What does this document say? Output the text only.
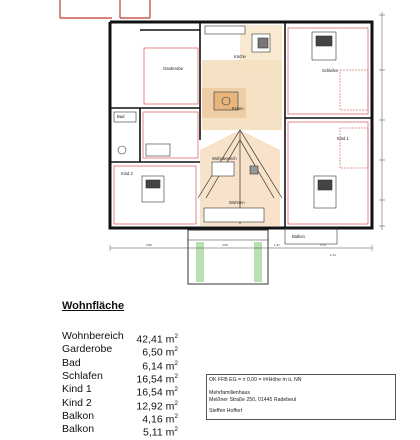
Küche
Garderobe
Bad
Essen
Schlafen
Kind 1
Kind 2
Wohnbereich
Wohnen
Balkon
3.86	1.47	3.72
4.50
2.72
Wohnfläche
Wohnbereich 42,41 $m^2$
Garderobe	6,50 $m^2$
Bad	6,14 $m^2$
Schlafen	16,54 $m^2$
Kind 1	16,54 $m^2$
Kind 2	12,92 $m^2$
Balkon	4,16 $m^2$
Balkon	5,11 $m^2$
OK FFB EG = ± 0,00 = ##Höhe m ü. NN
Mehrfamilienhaus
Meißner Straße 250, 01445 Radebeul
Steffen Hoffert
